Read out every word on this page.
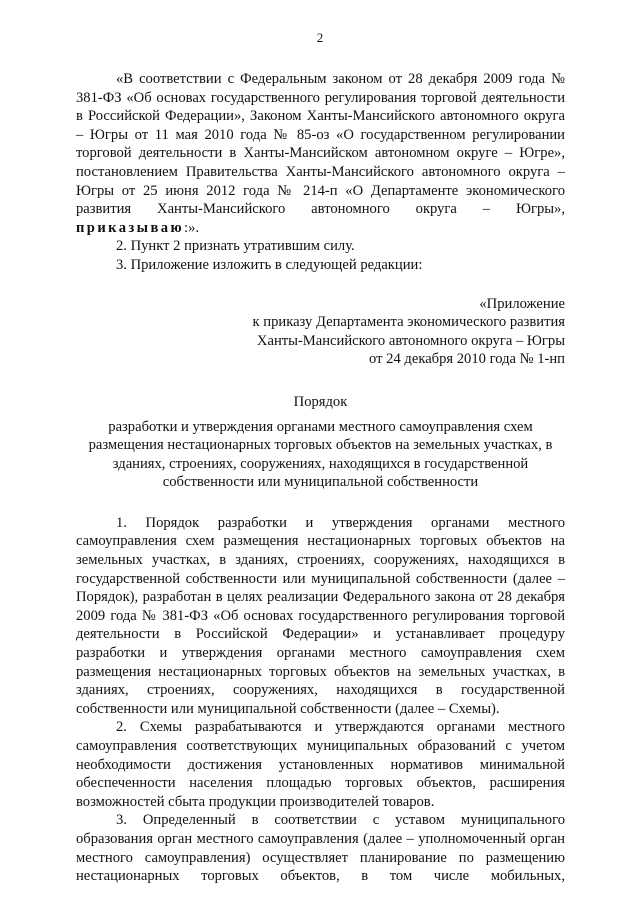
2

«В соответствии с Федеральным законом от 28 декабря 2009 года № 381-ФЗ «Об основах государственного регулирования торговой деятельности в Российской Федерации», Законом Ханты-Мансийского автономного округа – Югры от 11 мая 2010 года № 85-оз «О государственном регулировании торговой деятельности в Ханты-Мансийском автономном округе – Югре», постановлением Правительства Ханты-Мансийского автономного округа – Югры от 25 июня 2012 года № 214-п «О Департаменте экономического развития Ханты-Мансийского автономного округа – Югры», приказываю:».

2. Пункт 2 признать утратившим силу.

3. Приложение изложить в следующей редакции:

«Приложение
к приказу Департамента экономического развития
Ханты-Мансийского автономного округа – Югры
от 24 декабря 2010 года № 1-нп
Порядок
разработки и утверждения органами местного самоуправления схем
размещения нестационарных торговых объектов на земельных участках, в
зданиях, строениях, сооружениях, находящихся в государственной
собственности или муниципальной собственности

1. Порядок разработки и утверждения органами местного самоуправления схем размещения нестационарных торговых объектов на земельных участках, в зданиях, строениях, сооружениях, находящихся в государственной собственности или муниципальной собственности (далее – Порядок), разработан в целях реализации Федерального закона от 28 декабря 2009 года № 381-ФЗ «Об основах государственного регулирования торговой деятельности в Российской Федерации» и устанавливает процедуру разработки и утверждения органами местного самоуправления схем размещения нестационарных торговых объектов на земельных участках, в зданиях, строениях, сооружениях, находящихся в государственной собственности или муниципальной собственности (далее – Схемы).

2. Схемы разрабатываются и утверждаются органами местного самоуправления соответствующих муниципальных образований с учетом необходимости достижения установленных нормативов минимальной обеспеченности населения площадью торговых объектов, расширения возможностей сбыта продукции производителей товаров.

3. Определенный в соответствии с уставом муниципального образования орган местного самоуправления (далее – уполномоченный орган местного самоуправления) осуществляет планирование по размещению нестационарных торговых объектов, в том числе мобильных,
